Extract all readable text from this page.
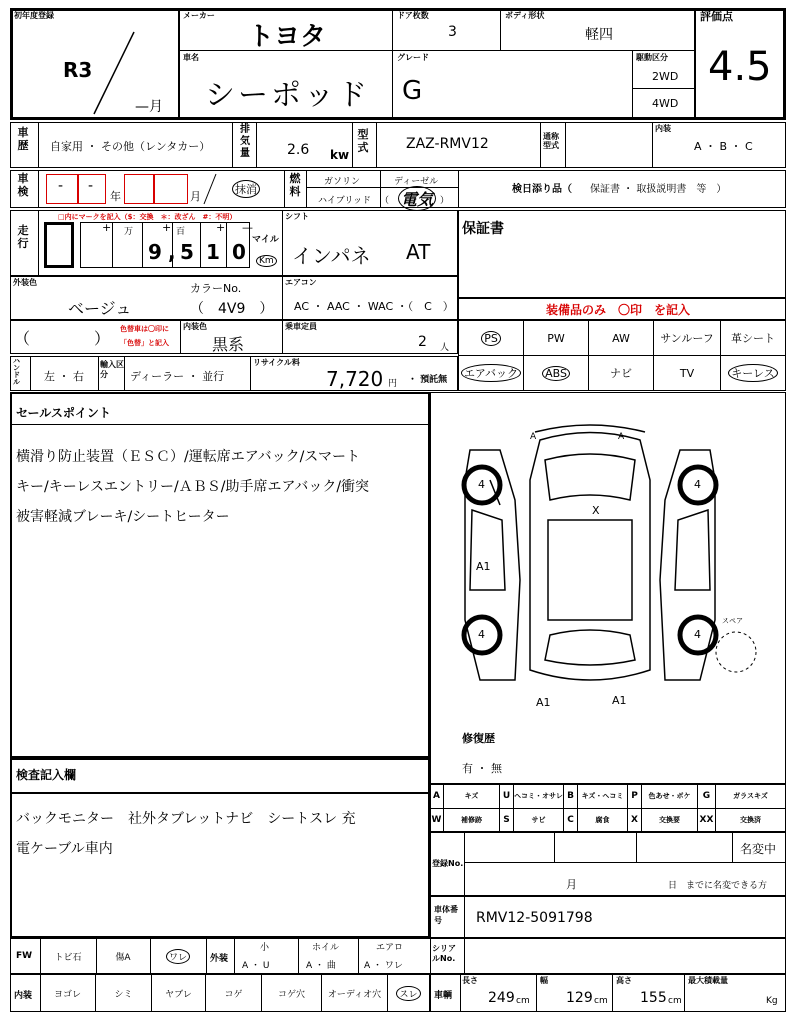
初年度登録
R3
—月
メーカー
トヨタ
ドア枚数
3
ボディ形状
軽四
評価点
4.5
車名
シーポッド
グレード
G
駆動区分
2WD
4WD
車歴 自家用 ・ その他（レンタカー）
排気量	2.6 kw
型式	ZAZ-RMV12	通称型式
内装
A ・ B ・ C
車検 - -
年	月
抹消
燃料
ガソリン	ディーゼル
ハイブリッド （ 電気 ）
検日添り品（ 保証書 ・ 取扱説明書　等　）
走行
□内にマークを記入（$：交換　＊：改ざん　#：不明）
+ 万	+ 百	+ —
9 , 5 1 0 マイル
Km
シフト
インパネ AT
保証書
外装色
ベージュ
カラーNo.
（　4V9　）
エアコン
AC ・ AAC ・ WAC ・（　C　）	装備品のみ　〇印　を記入
（	） 色替車は〇印に
「色替」と記入
内装色
黒系
乗車定員
2 人
PS	PW	AW	サンルーフ 革シート
エアバック ABS	ナビ	TV	キーレス
ハンドル	左 ・ 右
輸入区分	ディーラー ・ 並行
リサイクル料
7,720 円 ・ 預託無
セールスポイント
横滑り防止装置（ＥＳＣ）/運転席エアバック/スマート
キー/キーレスエントリー/ＡＢＳ/助手席エアバック/衝突
被害軽減ブレーキ/シートヒーター
A	A
X
A1
A1	A1
4	4
4	4
スペア
修復歴
有 ・ 無
A	キズ	U ヘコミ・オサレ B	キズ・ヘコミ P	色あせ・ボケ	G	ガラスキズ
W	補修跡	S	サビ	C	腐食	X	交換要	XX	交換済
検査記入欄
バックモニター　社外タブレットナビ　シートスレ 充
電ケーブル車内
登録No.
名変中
月	日　までに名変できる方
車体番号	RMV12-5091798
FW トビ石	傷A	ワレ	外装
小
A ・ U
ホイル
A ・ 曲
エアロ
A ・ ワレ
シリアルNo.
内装 ヨゴレ	シミ	ヤブレ	コゲ	コゲ穴	オーディオ穴	スレ	車輌
長さ
249 cm
幅
129 cm
高さ
155 cm
最大積載量
Kg
